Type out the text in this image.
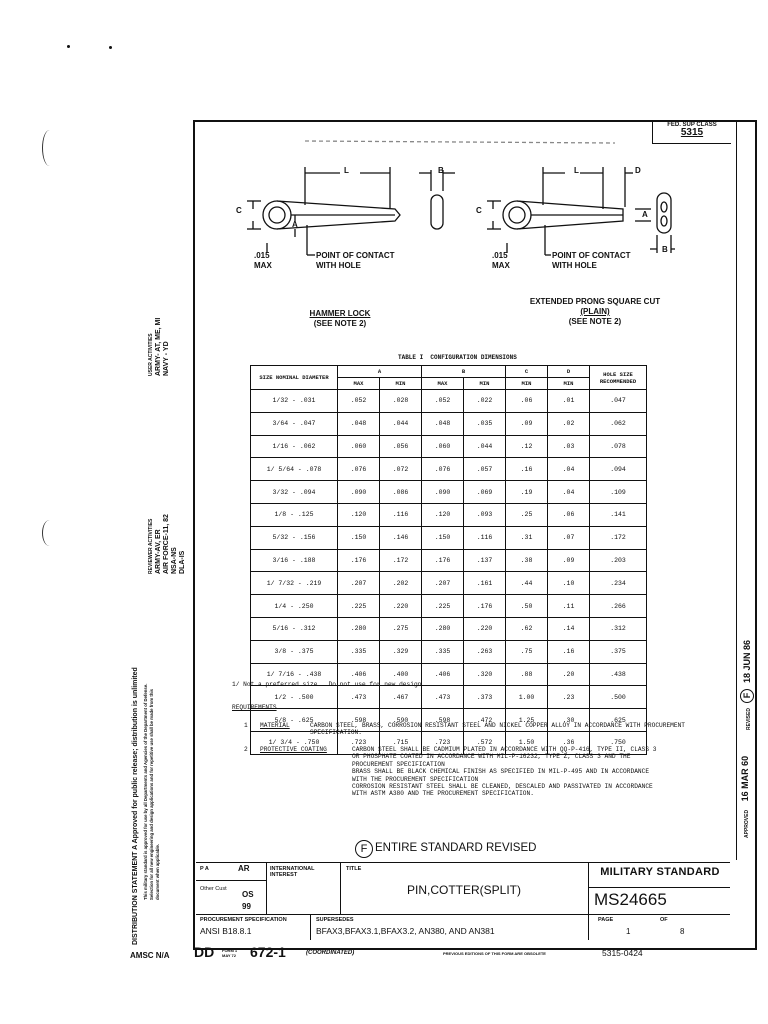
FED. SUP CLASS
5315
L	B
C
A
.015
MAX
POINT OF CONTACT
WITH HOLE
L	D
C	A
B
.015
MAX
POINT OF CONTACT
WITH HOLE
HAMMER LOCK
(SEE NOTE 2)
EXTENDED PRONG SQUARE CUT
(PLAIN)
(SEE NOTE 2)
TABLE I  CONFIGURATION DIMENSIONS
SIZE NOMINAL DIAMETER	A		B		C	D	HOLE SIZE RECOMMENDED
	MAX	MIN	MAX	MIN	MIN	MIN	
1/32 - .031	.052	.028	.052	.022	.06	.01	.047
3/64 - .047	.048	.044	.048	.035	.09	.02	.062
1/16 - .062	.060	.056	.060	.044	.12	.03	.078
1/ 5/64 - .078	.076	.072	.076	.057	.16	.04	.094
3/32 - .094	.090	.086	.090	.069	.19	.04	.109
1/8 - .125	.120	.116	.120	.093	.25	.06	.141
5/32 - .156	.150	.146	.150	.116	.31	.07	.172
3/16 - .188	.176	.172	.176	.137	.38	.09	.203
1/ 7/32 - .219	.207	.202	.207	.161	.44	.10	.234
1/4 - .250	.225	.220	.225	.176	.50	.11	.266
5/16 - .312	.280	.275	.280	.220	.62	.14	.312
3/8 - .375	.335	.329	.335	.263	.75	.16	.375
1/ 7/16 - .438	.406	.400	.406	.320	.88	.20	.438
1/2 - .500	.473	.467	.473	.373	1.00	.23	.500
5/8 - .625	.598	.590	.598	.472	1.25	.30	.625
1/ 3/4 - .750	.723	.715	.723	.572	1.50	.36	.750
1/ Not a preferred size.  Do not use for new design.
REQUIREMENTS
1 MATERIAL	CARBON STEEL, BRASS, CORROSION RESISTANT STEEL AND NICKEL COPPER ALLOY IN ACCORDANCE WITH PROCUREMENT SPECIFICATION.
2 PROTECTIVE COATING	CARBON STEEL SHALL BE CADMIUM PLATED IN ACCORDANCE WITH QQ-P-416, TYPE II, CLASS 3
OR PHOSPHATE COATED IN ACCORDANCE WITH MIL-P-16232, TYPE Z, CLASS 3 AND THE
PROCUREMENT SPECIFICATION
BRASS SHALL BE BLACK CHEMICAL FINISH AS SPECIFIED IN MIL-P-495 AND IN ACCORDANCE
WITH THE PROCUREMENT SPECIFICATION
CORROSION RESISTANT STEEL SHALL BE CLEANED, DESCALED AND PASSIVATED IN ACCORDANCE
WITH ASTM A380 AND THE PROCUREMENT SPECIFICATION.
F ENTIRE STANDARD REVISED
REVISED F 18 JUN 86
APPROVED 16 MAR 60
USER ACTIVITIES ARMY- AT, ME, MI NAVY - YD
REVIEWER ACTIVITIES ARMY-AV, ER AIR FORCE-11, 82 NSA-NS DLA-IS
DISTRIBUTION STATEMENT A Approved for public release; distribution is unlimited This military standard is approved for use by all Departments and Agencies of the Department of Defense. Selection for all new engineering and design applications and for repetitive use shall be made from this document when applicable.
AMSC N/A
P A	AR
Other Cust
OS
99
INTERNATIONAL INTEREST
TITLE
PIN,COTTER(SPLIT)
MILITARY STANDARD
MS24665
PROCUREMENT SPECIFICATION
ANSI B18.8.1
SUPERSEDES
BFAX3,BFAX3.1,BFAX3.2, AN380, AND AN381
PAGE	OF
1	8
DD FORM 1 MAY 72 672-1	(COORDINATED)	PREVIOUS EDITIONS OF THIS FORM ARE OBSOLETE	5315-0424
